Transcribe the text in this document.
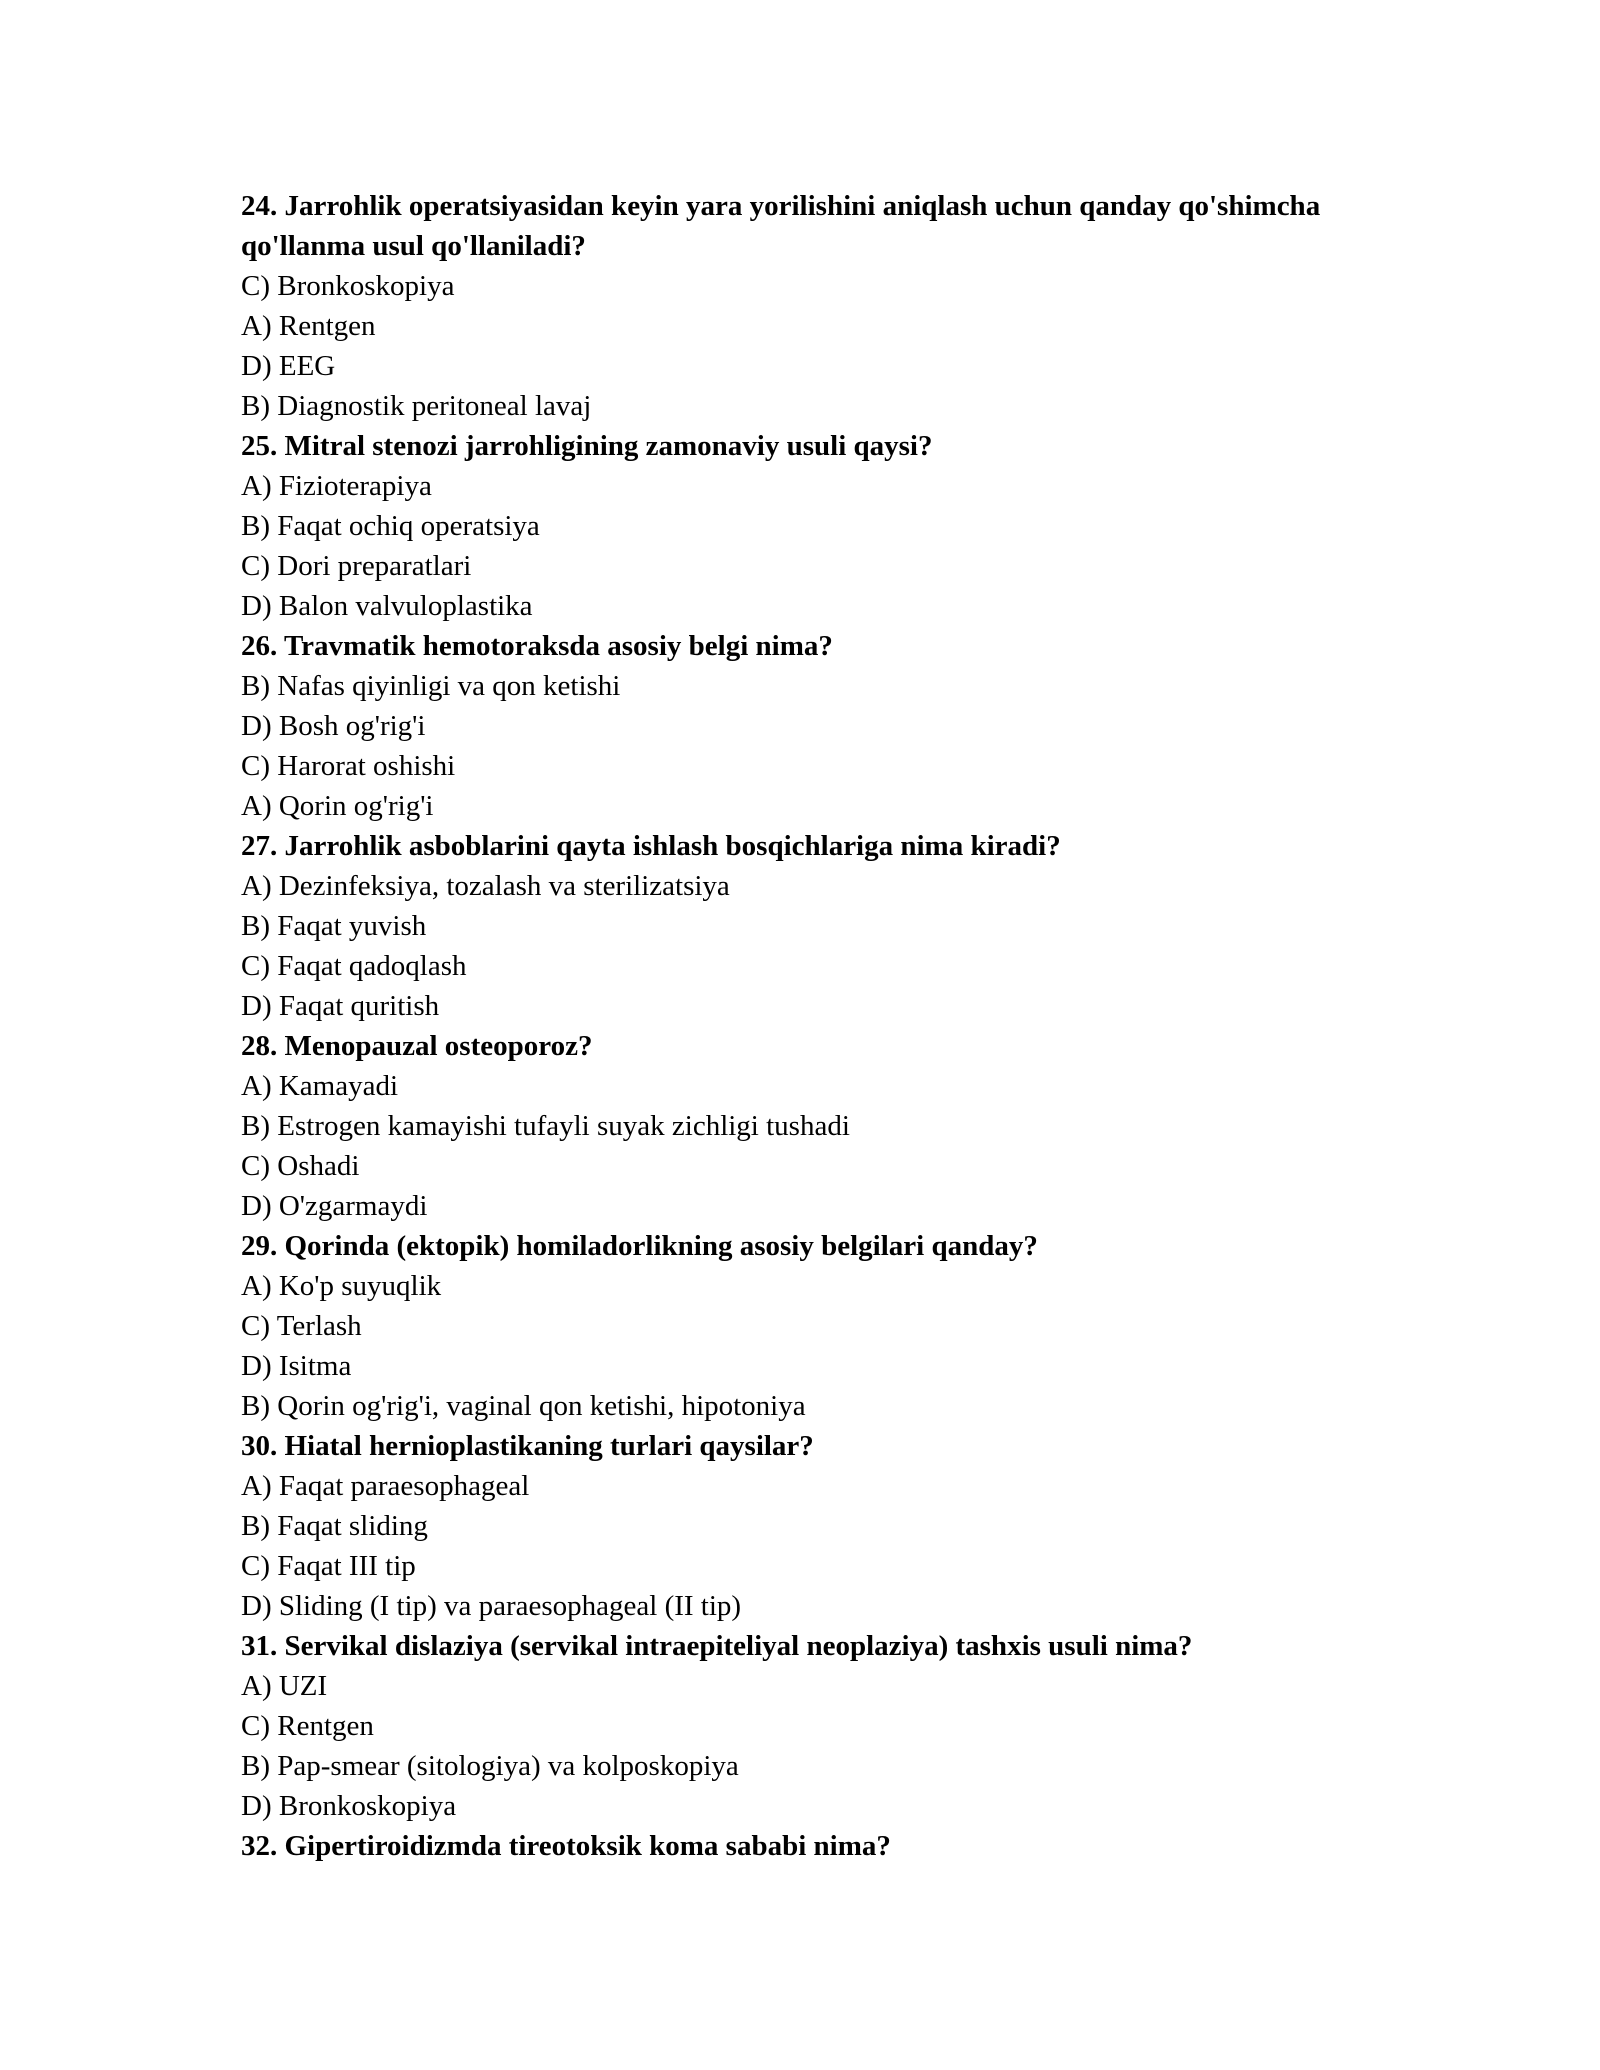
24. Jarrohlik operatsiyasidan keyin yara yorilishini aniqlash uchun qanday qo'shimcha qo'llanma usul qo'llaniladi?
C) Bronkoskopiya
A) Rentgen
D) EEG
B) Diagnostik peritoneal lavaj
25. Mitral stenozi jarrohligining zamonaviy usuli qaysi?
A) Fizioterapiya
B) Faqat ochiq operatsiya
C) Dori preparatlari
D) Balon valvuloplastika
26. Travmatik hemotoraksda asosiy belgi nima?
B) Nafas qiyinligi va qon ketishi
D) Bosh og'rig'i
C) Harorat oshishi
A) Qorin og'rig'i
27. Jarrohlik asboblarini qayta ishlash bosqichlariga nima kiradi?
A) Dezinfeksiya, tozalash va sterilizatsiya
B) Faqat yuvish
C) Faqat qadoqlash
D) Faqat quritish
28. Menopauzal osteoporoz?
A) Kamayadi
B) Estrogen kamayishi tufayli suyak zichligi tushadi
C) Oshadi
D) O'zgarmaydi
29. Qorinda (ektopik) homiladorlikning asosiy belgilari qanday?
A) Ko'p suyuqlik
C) Terlash
D) Isitma
B) Qorin og'rig'i, vaginal qon ketishi, hipotoniya
30. Hiatal hernioplastikaning turlari qaysilar?
A) Faqat paraesophageal
B) Faqat sliding
C) Faqat III tip
D) Sliding (I tip) va paraesophageal (II tip)
31. Servikal dislaziya (servikal intraepiteliyal neoplaziya) tashxis usuli nima?
A) UZI
C) Rentgen
B) Pap-smear (sitologiya) va kolposkopiya
D) Bronkoskopiya
32. Gipertiroidizmda tireotoksik koma sababi nima?
